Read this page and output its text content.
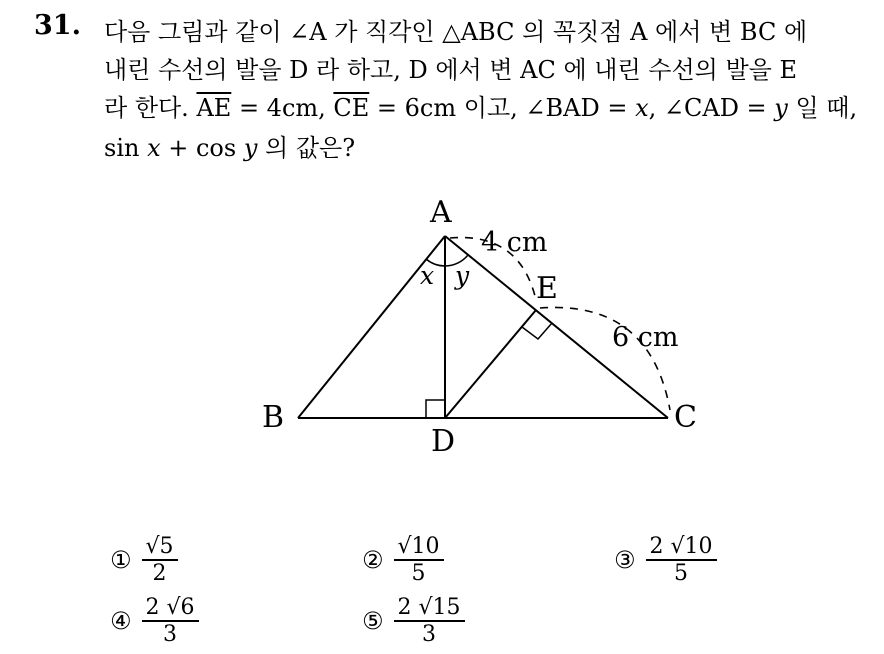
31. 다음 그림과 같이 ∠A 가 직각인 △ABC 의 꼭짓점 A 에서 변 BC 에
내린 수선의 발을 D 라 하고, D 에서 변 AC 에 내린 수선의 발을 E
라 한다. $\overline{AE} = 4cm$, $\overline{CE} = 6cm$ 이고, ∠BAD = x, ∠CAD = y 일 때,
sin x + cos y 의 값은?
A
B	C
D
E
x y
4 cm
6 cm
① $\frac{√5}{2}$	② $\frac{√10}{5}$	③ $\frac{2 √10}{5}$
④ $\frac{2 √6}{3}$	⑤ $\frac{2 √15}{3}$
